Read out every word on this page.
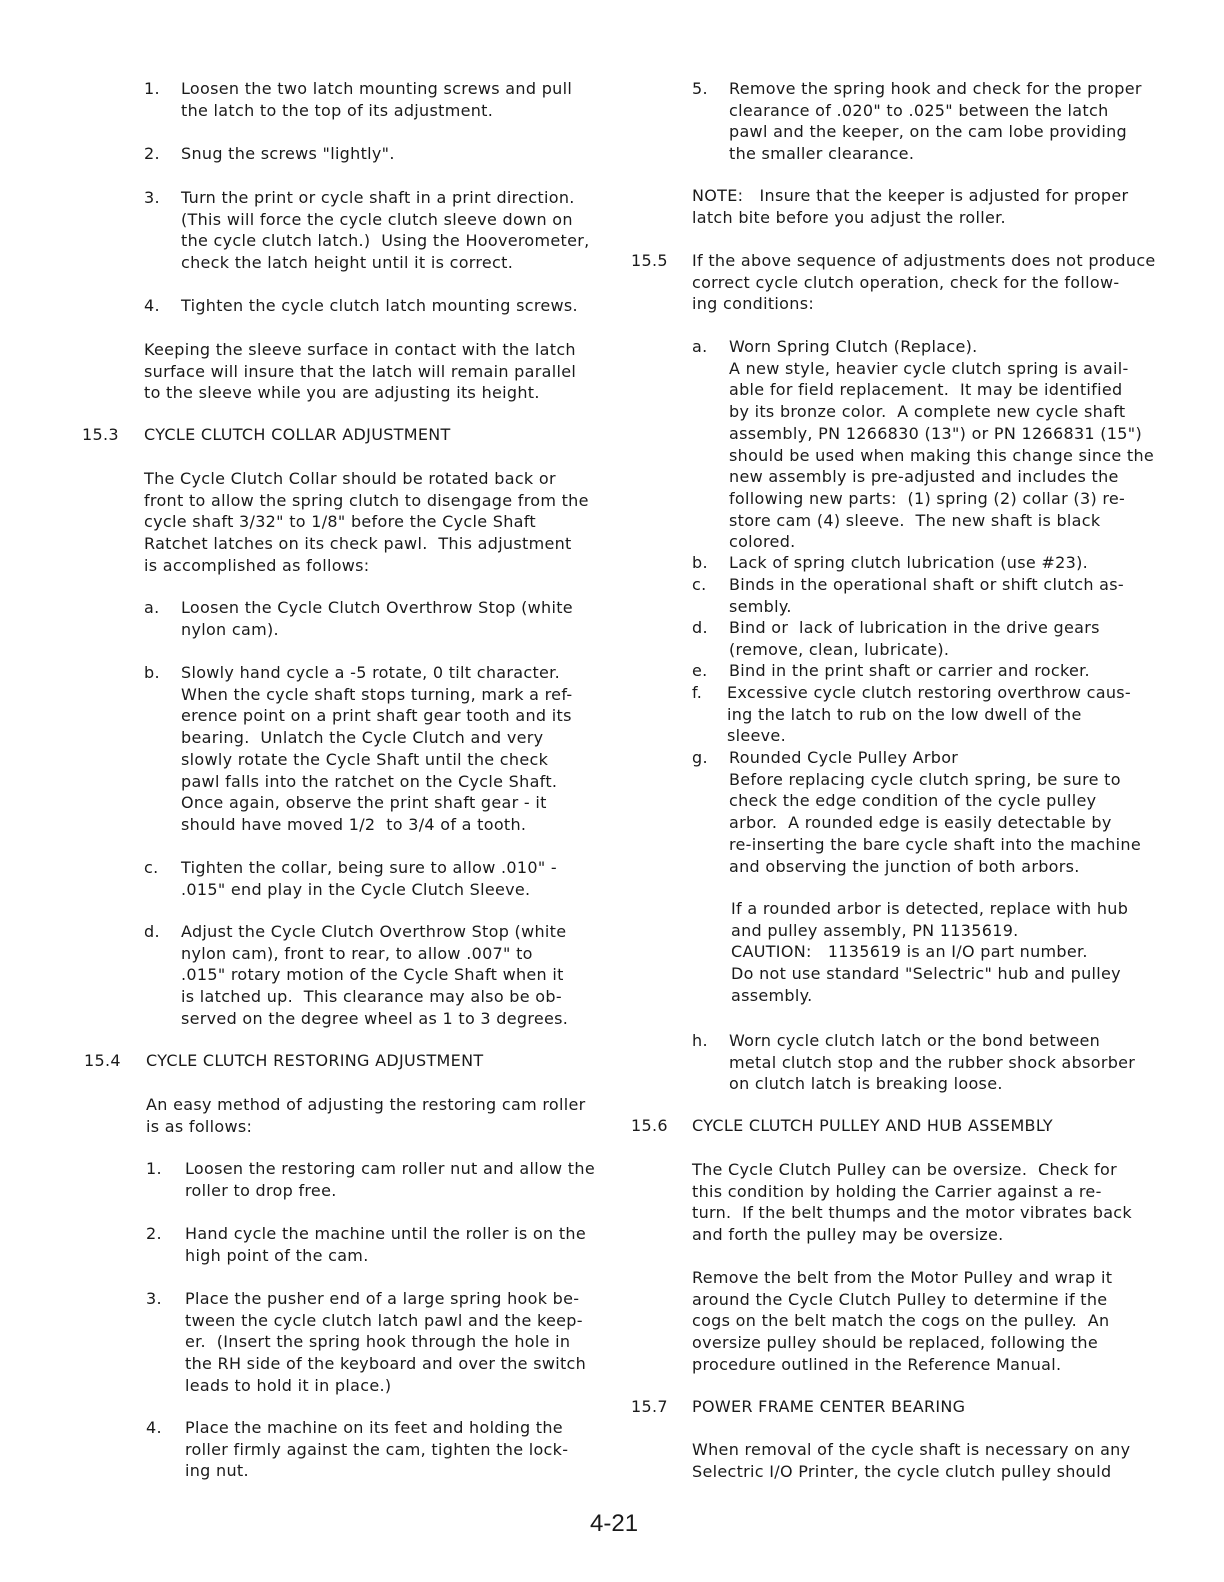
1. Loosen the two latch mounting screws and pull
the latch to the top of its adjustment.
2. Snug the screws "lightly".
3. Turn the print or cycle shaft in a print direction.
(This will force the cycle clutch sleeve down on
the cycle clutch latch.)  Using the Hooverometer,
check the latch height until it is correct.
4. Tighten the cycle clutch latch mounting screws.
Keeping the sleeve surface in contact with the latch
surface will insure that the latch will remain parallel
to the sleeve while you are adjusting its height.
15.3 CYCLE CLUTCH COLLAR ADJUSTMENT
The Cycle Clutch Collar should be rotated back or
front to allow the spring clutch to disengage from the
cycle shaft 3/32" to 1/8" before the Cycle Shaft
Ratchet latches on its check pawl.  This adjustment
is accomplished as follows:
a. Loosen the Cycle Clutch Overthrow Stop (white
nylon cam).
b. Slowly hand cycle a -5 rotate, 0 tilt character.
When the cycle shaft stops turning, mark a ref-
erence point on a print shaft gear tooth and its
bearing.  Unlatch the Cycle Clutch and very
slowly rotate the Cycle Shaft until the check
pawl falls into the ratchet on the Cycle Shaft.
Once again, observe the print shaft gear - it
should have moved 1/2  to 3/4 of a tooth.
c. Tighten the collar, being sure to allow .010" -
.015" end play in the Cycle Clutch Sleeve.
d. Adjust the Cycle Clutch Overthrow Stop (white
nylon cam), front to rear, to allow .007" to
.015" rotary motion of the Cycle Shaft when it
is latched up.  This clearance may also be ob-
served on the degree wheel as 1 to 3 degrees.
15.4 CYCLE CLUTCH RESTORING ADJUSTMENT
An easy method of adjusting the restoring cam roller
is as follows:
1. Loosen the restoring cam roller nut and allow the
roller to drop free.
2. Hand cycle the machine until the roller is on the
high point of the cam.
3. Place the pusher end of a large spring hook be-
tween the cycle clutch latch pawl and the keep-
er.  (Insert the spring hook through the hole in
the RH side of the keyboard and over the switch
leads to hold it in place.)
4. Place the machine on its feet and holding the
roller firmly against the cam, tighten the lock-
ing nut.
5. Remove the spring hook and check for the proper
clearance of .020" to .025" between the latch
pawl and the keeper, on the cam lobe providing
the smaller clearance.
NOTE:   Insure that the keeper is adjusted for proper
latch bite before you adjust the roller.
15.5 If the above sequence of adjustments does not produce
correct cycle clutch operation, check for the follow-
ing conditions:
a. Worn Spring Clutch (Replace).
A new style, heavier cycle clutch spring is avail-
able for field replacement.  It may be identified
by its bronze color.  A complete new cycle shaft
assembly, PN 1266830 (13") or PN 1266831 (15")
should be used when making this change since the
new assembly is pre-adjusted and includes the
following new parts:  (1) spring (2) collar (3) re-
store cam (4) sleeve.  The new shaft is black
colored.
b. Lack of spring clutch lubrication (use #23).
c. Binds in the operational shaft or shift clutch as-
sembly.
d. Bind or  lack of lubrication in the drive gears
(remove, clean, lubricate).
e. Bind in the print shaft or carrier and rocker.
f. Excessive cycle clutch restoring overthrow caus-
ing the latch to rub on the low dwell of the
sleeve.
g. Rounded Cycle Pulley Arbor
Before replacing cycle clutch spring, be sure to
check the edge condition of the cycle pulley
arbor.  A rounded edge is easily detectable by
re-inserting the bare cycle shaft into the machine
and observing the junction of both arbors.
If a rounded arbor is detected, replace with hub
and pulley assembly, PN 1135619.
CAUTION:   1135619 is an I/O part number.
Do not use standard "Selectric" hub and pulley
assembly.
h. Worn cycle clutch latch or the bond between
metal clutch stop and the rubber shock absorber
on clutch latch is breaking loose.
15.6 CYCLE CLUTCH PULLEY AND HUB ASSEMBLY
The Cycle Clutch Pulley can be oversize.  Check for
this condition by holding the Carrier against a re-
turn.  If the belt thumps and the motor vibrates back
and forth the pulley may be oversize.
Remove the belt from the Motor Pulley and wrap it
around the Cycle Clutch Pulley to determine if the
cogs on the belt match the cogs on the pulley.  An
oversize pulley should be replaced, following the
procedure outlined in the Reference Manual.
15.7 POWER FRAME CENTER BEARING
When removal of the cycle shaft is necessary on any
Selectric I/O Printer, the cycle clutch pulley should
4-21
